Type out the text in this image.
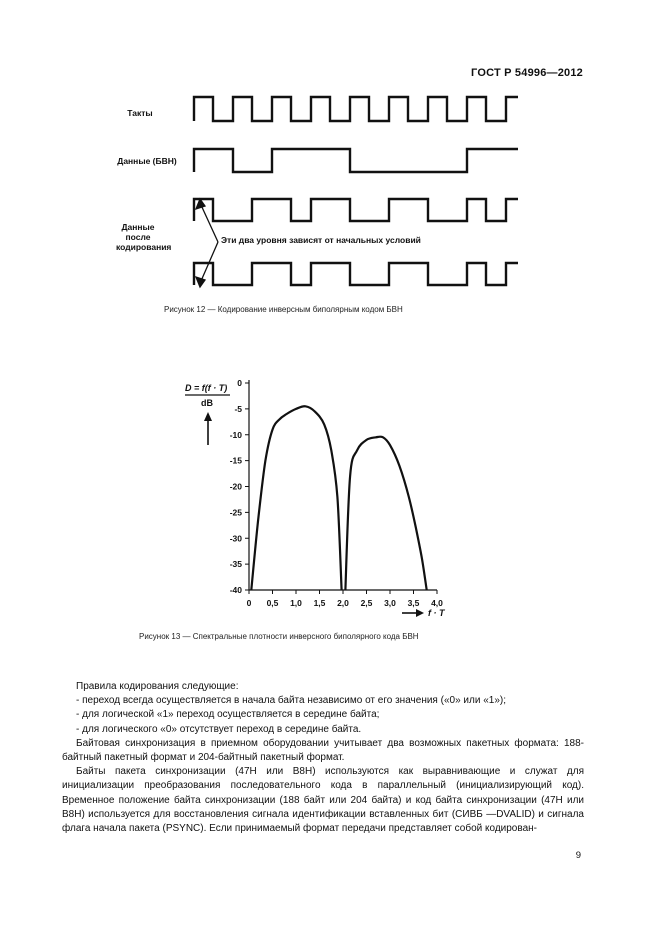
ГОСТ Р 54996—2012
Такты
Данные (БВН)
Данные после кодирования
Эти два уровня зависят от начальных условий
Рисунок 12 — Кодирование инверсным биполярным кодом БВН
0
-5
-10
-15
-20
-25
-30
-35
-40
0 0,5 1,0 1,5 2,0 2,5 3,0 3,5 4,0
D = f(f · T)
dB
f · T
Рисунок 13 — Спектральные плотности инверсного биполярного кода БВН

Правила кодирования следующие:

- переход всегда осуществляется в начала байта независимо от его значения («0» или «1»);

- для логической «1» переход осуществляется в середине байта;

- для логического «0» отсутствует переход в середине байта.

Байтовая синхронизация в приемном оборудовании учитывает два возможных пакетных формата: 188-байтный пакетный формат и 204-байтный пакетный формат.

Байты пакета синхронизации (47H или B8H) используются как выравнивающие и служат для инициализации преобразования последовательного кода в параллельный (инициализирующий код). Временное положение байта синхронизации (188 байт или 204 байта) и код байта синхронизации (47H или B8H) используется для восстановления сигнала идентификации вставленных бит (СИВБ —DVALID) и сигнала флага начала пакета (PSYNC). Если принимаемый формат передачи представляет собой кодирован-

9
